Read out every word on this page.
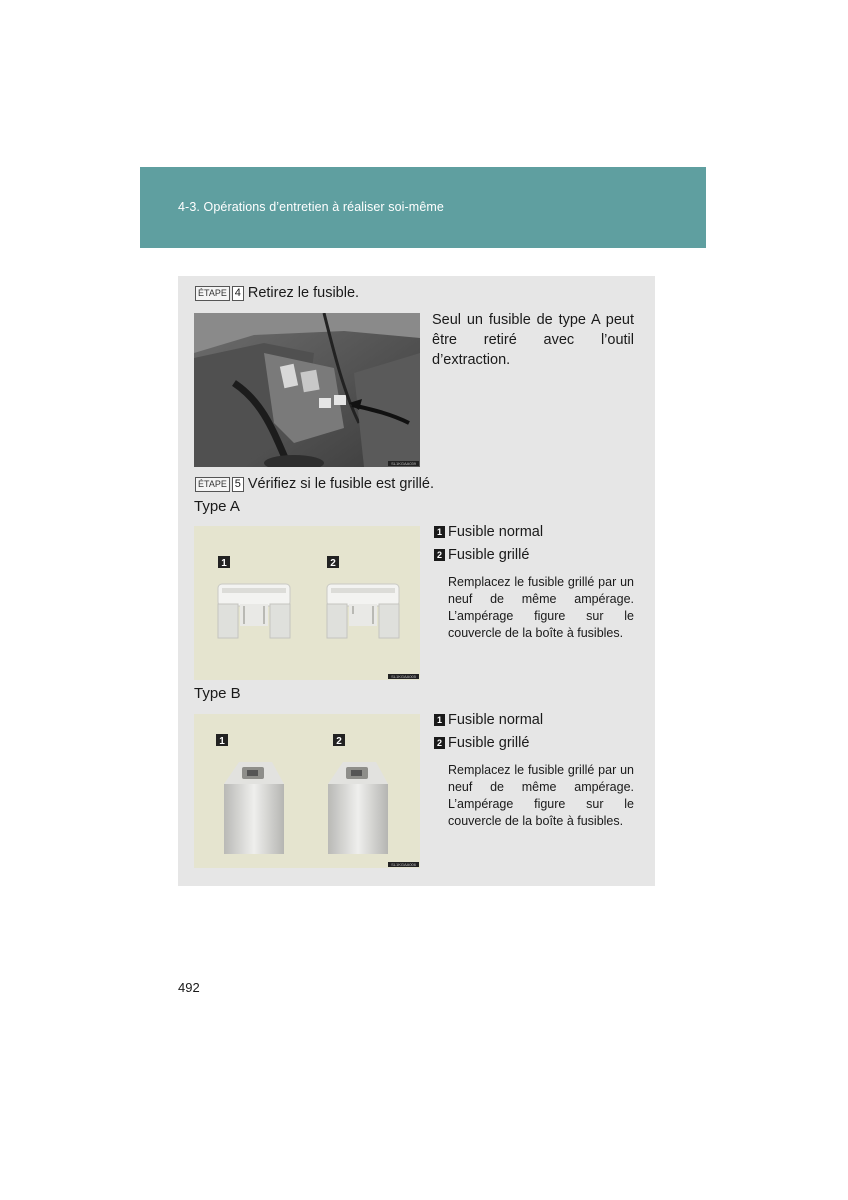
4-3. Opérations d’entretien à réaliser soi-même
ÉTAPE 4 Retirez le fusible.
SL1KGAA039
Seul un fusible de type A peut être retiré avec l’outil d’extraction.
ÉTAPE 5 Vérifiez si le fusible est grillé.
Type A
1	2
SL1KGAA005
1 Fusible normal
2 Fusible grillé
Remplacez le fusible grillé par un neuf de même ampérage. L’ampérage figure sur le couvercle de la boîte à fusibles.
Type B
1	2
SL1KGAA006
1 Fusible normal
2 Fusible grillé
Remplacez le fusible grillé par un neuf de même ampérage. L’ampérage figure sur le couvercle de la boîte à fusibles.
492
